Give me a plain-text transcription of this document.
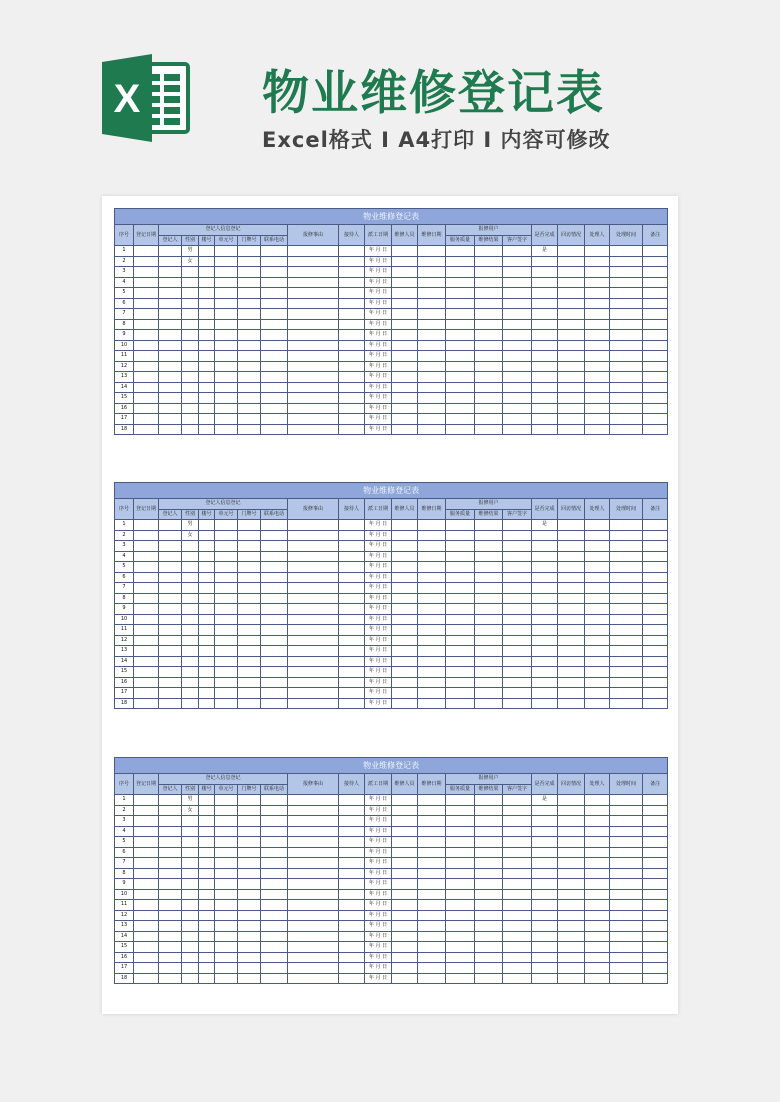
X	物业维修登记表
Excel格式 I A4打印 I 内容可修改
物业维修登记表																				
序号	登记日期	登记人信息登记						报修事由	接待人	派工日期	维修人员	维修日期	报修用户			是否完成	回访情况	处理人	处理时间	备注
		登记人	性别	楼号	单元号	门牌号	联系电话						服务质量	维修结果	客户签字					
1			男							年 月 日						是				
2			女							年 月 日										
3										年 月 日										
4										年 月 日										
5										年 月 日										
6										年 月 日										
7										年 月 日										
8										年 月 日										
9										年 月 日										
10										年 月 日										
11										年 月 日										
12										年 月 日										
13										年 月 日										
14										年 月 日										
15										年 月 日										
16										年 月 日										
17										年 月 日										
18										年 月 日										
物业维修登记表																				
序号	登记日期	登记人信息登记						报修事由	接待人	派工日期	维修人员	维修日期	报修用户			是否完成	回访情况	处理人	处理时间	备注
		登记人	性别	楼号	单元号	门牌号	联系电话						服务质量	维修结果	客户签字					
1			男							年 月 日						是				
2			女							年 月 日										
3										年 月 日										
4										年 月 日										
5										年 月 日										
6										年 月 日										
7										年 月 日										
8										年 月 日										
9										年 月 日										
10										年 月 日										
11										年 月 日										
12										年 月 日										
13										年 月 日										
14										年 月 日										
15										年 月 日										
16										年 月 日										
17										年 月 日										
18										年 月 日										
物业维修登记表																				
序号	登记日期	登记人信息登记						报修事由	接待人	派工日期	维修人员	维修日期	报修用户			是否完成	回访情况	处理人	处理时间	备注
		登记人	性别	楼号	单元号	门牌号	联系电话						服务质量	维修结果	客户签字					
1			男							年 月 日						是				
2			女							年 月 日										
3										年 月 日										
4										年 月 日										
5										年 月 日										
6										年 月 日										
7										年 月 日										
8										年 月 日										
9										年 月 日										
10										年 月 日										
11										年 月 日										
12										年 月 日										
13										年 月 日										
14										年 月 日										
15										年 月 日										
16										年 月 日										
17										年 月 日										
18										年 月 日										
